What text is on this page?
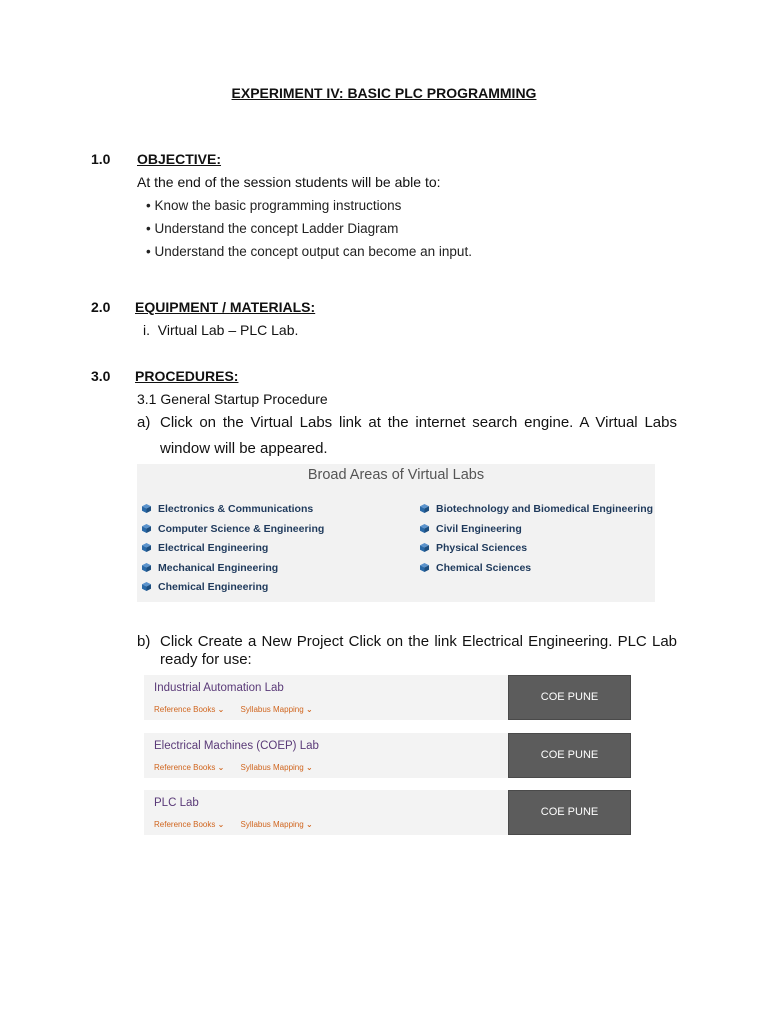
EXPERIMENT IV: BASIC PLC PROGRAMMING
1.0 OBJECTIVE:
At the end of the session students will be able to:
• Know the basic programming instructions
• Understand the concept Ladder Diagram
• Understand the concept output can become an input.
2.0 EQUIPMENT / MATERIALS:
i.  Virtual Lab – PLC Lab.
3.0 PROCEDURES:
3.1 General Startup Procedure
a) Click on the Virtual Labs link at the internet search engine. A Virtual Labs window will be appeared.
Broad Areas of Virtual Labs
Electronics & Communications
Computer Science & Engineering
Electrical Engineering
Mechanical Engineering
Chemical Engineering
Biotechnology and Biomedical Engineering
Civil Engineering
Physical Sciences
Chemical Sciences
b) Click Create a New Project Click on the link Electrical Engineering. PLC Lab ready for use:
Industrial Automation Lab
Reference Books ⌄ Syllabus Mapping ⌄
COE PUNE
Electrical Machines (COEP) Lab
Reference Books ⌄ Syllabus Mapping ⌄
COE PUNE
PLC Lab
Reference Books ⌄ Syllabus Mapping ⌄
COE PUNE
